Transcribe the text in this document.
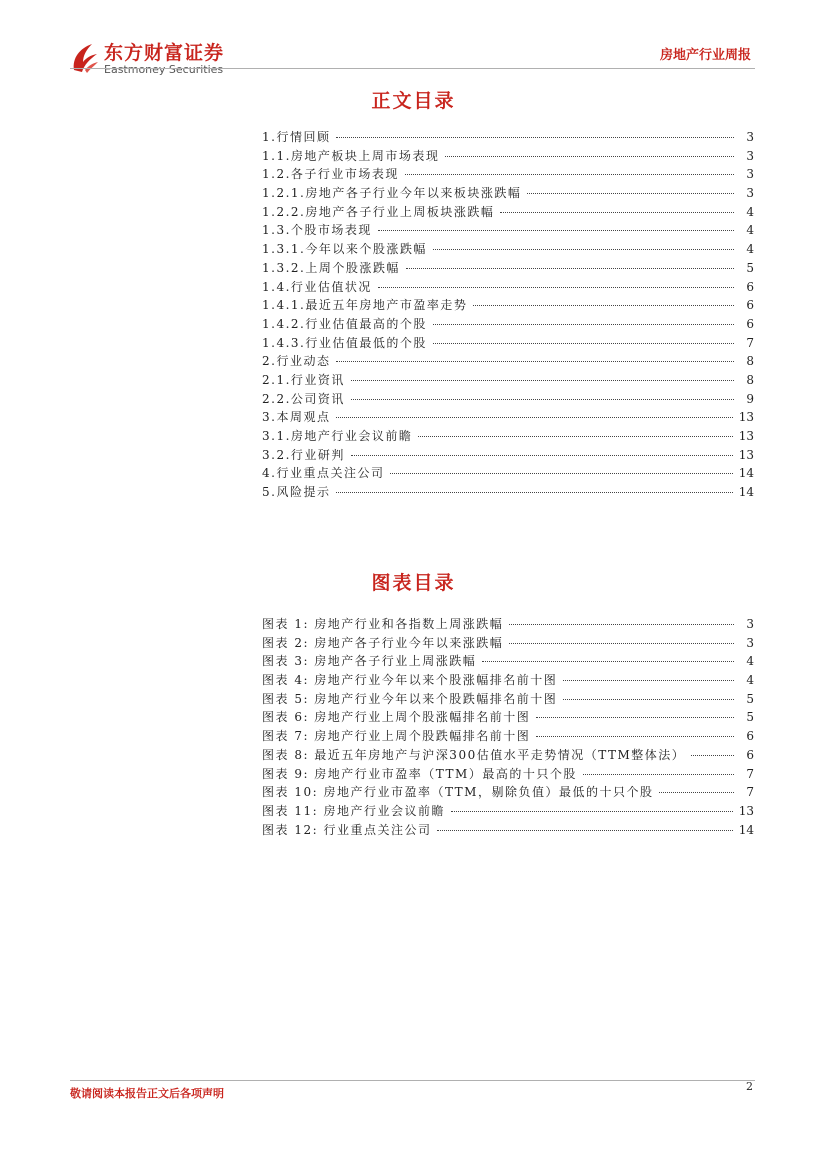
东方财富证券
Eastmoney Securities
房地产行业周报
正文目录
1.行情回顾	3
1.1.房地产板块上周市场表现	3
1.2.各子行业市场表现	3
1.2.1.房地产各子行业今年以来板块涨跌幅	3
1.2.2.房地产各子行业上周板块涨跌幅	4
1.3.个股市场表现	4
1.3.1.今年以来个股涨跌幅	4
1.3.2.上周个股涨跌幅	5
1.4.行业估值状况	6
1.4.1.最近五年房地产市盈率走势	6
1.4.2.行业估值最高的个股	6
1.4.3.行业估值最低的个股	7
2.行业动态	8
2.1.行业资讯	8
2.2.公司资讯	9
3.本周观点	13
3.1.房地产行业会议前瞻	13
3.2.行业研判	13
4.行业重点关注公司	14
5.风险提示	14
图表目录
图表 1: 房地产行业和各指数上周涨跌幅	3
图表 2: 房地产各子行业今年以来涨跌幅	3
图表 3: 房地产各子行业上周涨跌幅	4
图表 4: 房地产行业今年以来个股涨幅排名前十图	4
图表 5: 房地产行业今年以来个股跌幅排名前十图	5
图表 6: 房地产行业上周个股涨幅排名前十图	5
图表 7: 房地产行业上周个股跌幅排名前十图	6
图表 8: 最近五年房地产与沪深300估值水平走势情况（TTM整体法）	6
图表 9: 房地产行业市盈率（TTM）最高的十只个股	7
图表 10: 房地产行业市盈率（TTM，剔除负值）最低的十只个股	7
图表 11: 房地产行业会议前瞻	13
图表 12: 行业重点关注公司	14
敬请阅读本报告正文后各项声明
2
